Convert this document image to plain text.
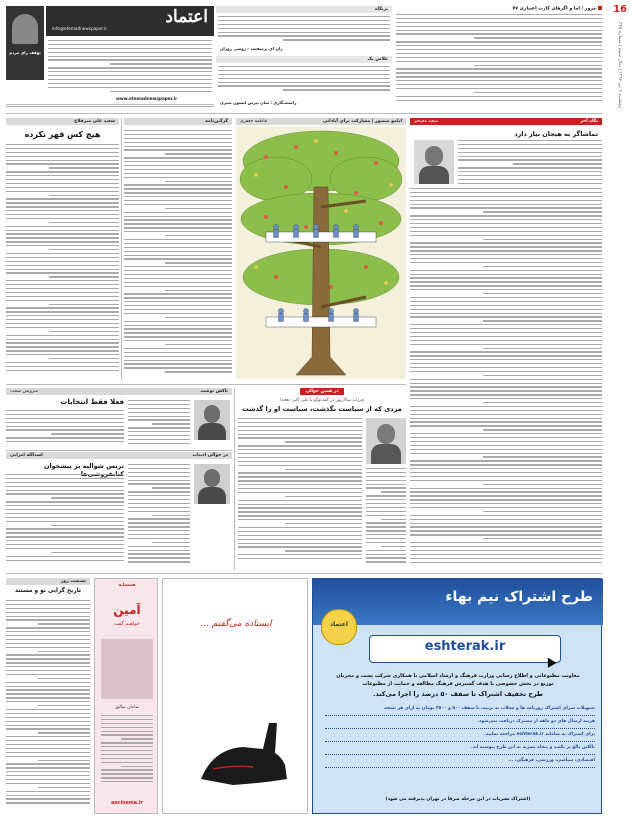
توقف رای مردم
اعتماد
info@etemadnewspaper.ir
www.etemadnewspaper.ir
16
پنجشنبه ۴ تیر ۱۳۹۴ | سال سوم | شماره ۳۴۸
برنگاه
زان ای پرسفشد - روسی روزان
غلاش بک
راسته‌نگاری : سان نیرس لیسون سیری
مرور / اما و اگرهای کارت اعتباری ۷۷
سعید علی میرقلاع
هیچ کس قهر نکرده
گرگین‌نامه	ایلمو منصور | مشارکت برای آبادانی
فاطمه جعفری	نگاه آخر
سعید معیدفر
تماشاگر به هیجان نیاز دارد
سرویس صحت	تاکس نوشت
فعلا فقط انتخابات
اسدالله امرایی	در حوالی ادبیات
تریس شوالیه بر پیشخوان
در همین حوالی
فرزانه سالارپور در گفت‌وگو با علی اکبر دهخدا
مردی که از سیاست نگذشت، سیاست او را گذشت
طرح اشتراک نیم بهاء
اعتماد
eshterak.ir
معاونت مطبوعاتی و اطلاع رسانی وزارت فرهنگ و ارشاد اسلامی با همکاری شرکت پست و مجریان
توزیع در بخش خصوصی با هدف گسترش فرهنگ مطالعه و حمایت از مطبوعات
طرح تخفیف اشتراک تا سقف ۵۰ درصد را اجرا می‌کند.
تسهیلات سرای اشتراک روزنامه ها و مجلات به ترتیب تا سقف ۵۰۰ و ۲۵۰۰ تومان به ازای هر نسخه
هزینه ارسال های دو ماهه از مشترک دریافت نمی‌شود.
برای اشتراک به سامانه eshterak.ir مراجعه نمایید.
تالکین بالغ بر یکصد و پنجاه نشریه به این طرح پیوسته اند.
اقتصادی، سیاسی، ورزشی، فرهنگی، ...
(اشتراک نشریات در این مرحله صرفا در تهران پذیرفته می شود)
ایستاده می‌گفتم ...
همسایه
آمین
خواهیم گفت
سامان سالور
aecinema.ir
نشست روز
تاریخ گرایی نو و مستند
